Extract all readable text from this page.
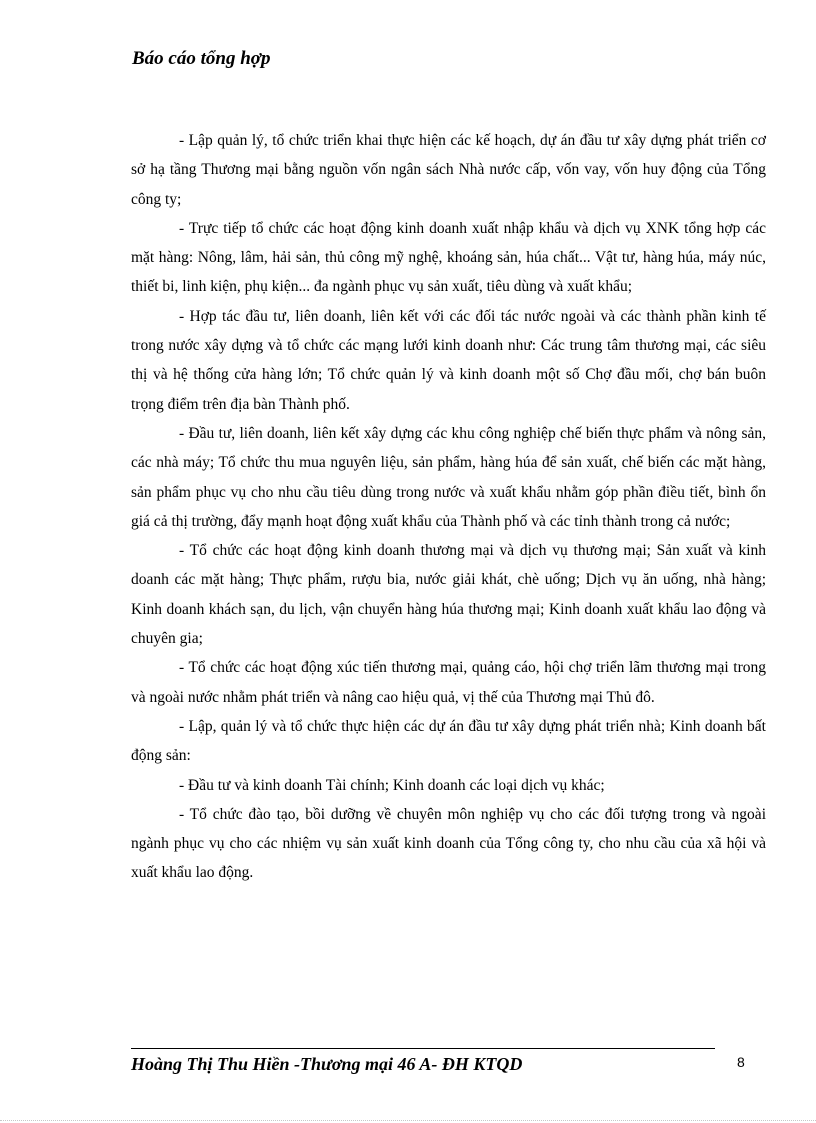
Báo cáo tổng hợp

- Lập quản lý, tổ chức triển khai thực hiện các kế hoạch, dự án đầu tư xây dựng phát triển cơ sở hạ tầng Thương mại bằng nguồn vốn ngân sách Nhà nước cấp, vốn vay, vốn huy động của Tổng công ty;

- Trực tiếp tổ chức các hoạt động kinh doanh xuất nhập khẩu và dịch vụ XNK tổng hợp các mặt hàng: Nông, lâm, hải sản, thủ công mỹ nghệ, khoáng sản, húa chất... Vật tư, hàng húa, máy núc, thiết bi, linh kiện, phụ kiện... đa ngành phục vụ sản xuất, tiêu dùng và xuất khẩu;

- Hợp tác đầu tư, liên doanh, liên kết với các đối tác nước ngoài và các thành phần kinh tế trong nước xây dựng và tổ chức các mạng lưới kinh doanh như: Các trung tâm thương mại, các siêu thị và hệ thống cửa hàng lớn; Tổ chức quản lý và kinh doanh một số Chợ đầu mối, chợ bán buôn trọng điểm trên địa bàn Thành phố.

- Đầu tư, liên doanh, liên kết xây dựng các khu công nghiệp chế biến thực phẩm và nông sản, các nhà máy; Tổ chức thu mua nguyên liệu, sản phẩm, hàng húa để sản xuất, chế biến các mặt hàng, sản phẩm phục vụ cho nhu cầu tiêu dùng trong nước và xuất khẩu nhằm góp phần điều tiết, bình ổn giá cả thị trường, đẩy mạnh hoạt động xuất khẩu của Thành phố và các tỉnh thành trong cả nước;

- Tổ chức các hoạt động kinh doanh thương mại và dịch vụ thương mại; Sản xuất và kinh doanh các mặt hàng; Thực phẩm, rượu bia, nước giải khát, chè uống; Dịch vụ ăn uống, nhà hàng; Kinh doanh khách sạn, du lịch, vận chuyển hàng húa thương mại; Kinh doanh xuất khẩu lao động và chuyên gia;

- Tổ chức các hoạt động xúc tiến thương mại, quảng cáo, hội chợ triển lãm thương mại trong và ngoài nước nhằm phát triển và nâng cao hiệu quả, vị thế của Thương mại Thủ đô.

- Lập, quản lý và tổ chức thực hiện các dự án đầu tư xây dựng phát triển nhà; Kinh doanh bất động sản:

- Đầu tư và kinh doanh Tài chính; Kinh doanh các loại dịch vụ khác;

- Tổ chức đào tạo, bồi dưỡng về chuyên môn nghiệp vụ cho các đối tượng trong và ngoài ngành phục vụ cho các nhiệm vụ sản xuất kinh doanh của Tổng công ty, cho nhu cầu của xã hội và xuất khẩu lao động.

Hoàng Thị Thu Hiền -Thương mại 46 A- ĐH KTQD	8
